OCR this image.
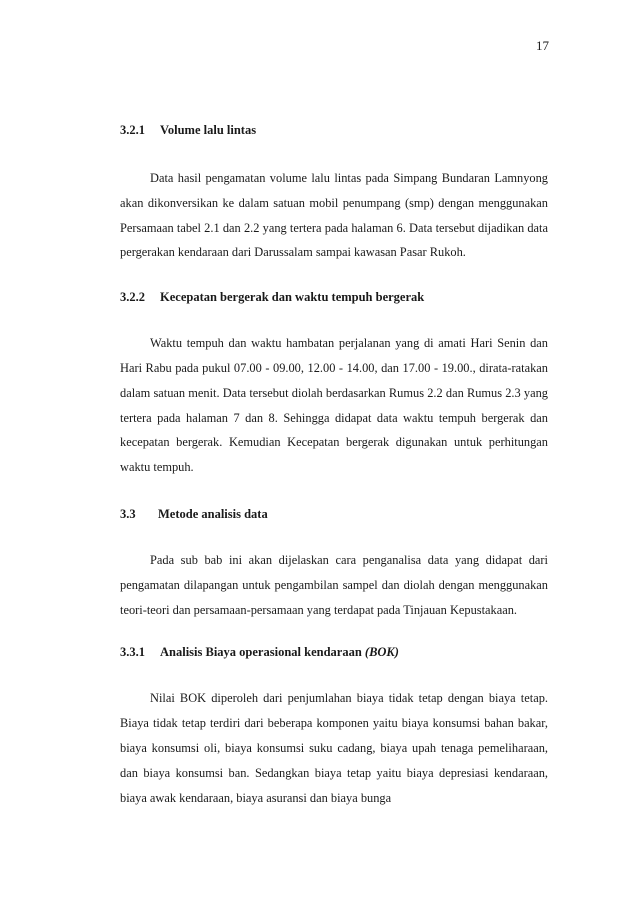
17
3.2.1 Volume lalu lintas

Data hasil pengamatan volume lalu lintas pada Simpang Bundaran Lamnyong akan dikonversikan ke dalam satuan mobil penumpang (smp) dengan menggunakan Persamaan tabel 2.1 dan 2.2 yang tertera pada halaman 6. Data tersebut dijadikan data pergerakan kendaraan dari Darussalam sampai kawasan Pasar Rukoh.

3.2.2 Kecepatan bergerak dan waktu tempuh bergerak

Waktu tempuh dan waktu hambatan perjalanan yang di amati Hari Senin dan Hari Rabu pada pukul 07.00 - 09.00, 12.00 - 14.00, dan 17.00 - 19.00., dirata-ratakan dalam satuan menit. Data tersebut diolah berdasarkan Rumus 2.2 dan Rumus 2.3 yang tertera pada halaman 7 dan 8. Sehingga didapat data waktu tempuh bergerak dan kecepatan bergerak. Kemudian Kecepatan bergerak digunakan untuk perhitungan waktu tempuh.

3.3 Metode analisis data

Pada sub bab ini akan dijelaskan cara penganalisa data yang didapat dari pengamatan dilapangan untuk pengambilan sampel dan diolah dengan menggunakan teori-teori dan persamaan-persamaan yang terdapat pada Tinjauan Kepustakaan.

3.3.1 Analisis Biaya operasional kendaraan (BOK)

Nilai BOK diperoleh dari penjumlahan biaya tidak tetap dengan biaya tetap. Biaya tidak tetap terdiri dari beberapa komponen yaitu biaya konsumsi bahan bakar, biaya konsumsi oli, biaya konsumsi suku cadang, biaya upah tenaga pemeliharaan, dan biaya konsumsi ban. Sedangkan biaya tetap yaitu biaya depresiasi kendaraan, biaya awak kendaraan, biaya asuransi dan biaya bunga
